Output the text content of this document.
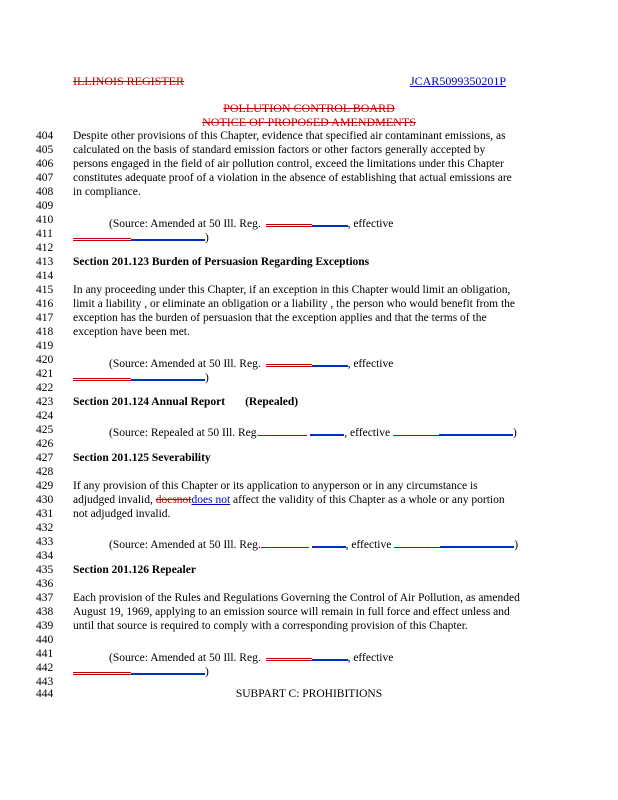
ILLINOIS REGISTER	JCAR5099350201P
POLLUTION CONTROL BOARD
NOTICE OF PROPOSED AMENDMENTS
404	Despite other provisions of this Chapter, evidence that specified air contaminant emissions, as
405	calculated on the basis of standard emission factors or other factors generally accepted by
406	persons engaged in the field of air pollution control, exceed the limitations under this Chapter
407	constitutes adequate proof of a violation in the absence of establishing that actual emissions are
408	in compliance.
409
410	(Source: Amended at 50 Ill. Reg.	, effective
411	)
412
413	Section 201.123 Burden of Persuasion Regarding Exceptions
414
415	In any proceeding under this Chapter, if an exception in this Chapter would limit an obligation,
416	limit a liability , or eliminate an obligation or a liability , the person who would benefit from the
417	exception has the burden of persuasion that the exception applies and that the terms of the
418	exception have been met.
419
420	(Source: Amended at 50 Ill. Reg.	, effective
421	)
422
423	Section 201.124 Annual Report (Repealed)
424
425	(Source: Repealed at 50 Ill. Reg.	, effective	)
426
427	Section 201.125 Severability
428
429	If any provision of this Chapter or its application to anyperson or in any circumstance is
430	adjudged invalid, doesnotdoes not affect the validity of this Chapter as a whole or any portion
431	not adjudged invalid.
432
433	(Source: Amended at 50 Ill. Reg.	, effective	)
434
435	Section 201.126 Repealer
436
437	Each provision of the Rules and Regulations Governing the Control of Air Pollution, as amended
438	August 19, 1969, applying to an emission source will remain in full force and effect unless and
439	until that source is required to comply with a corresponding provision of this Chapter.
440
441	(Source: Amended at 50 Ill. Reg.	, effective
442	)
443
444	SUBPART C: PROHIBITIONS
